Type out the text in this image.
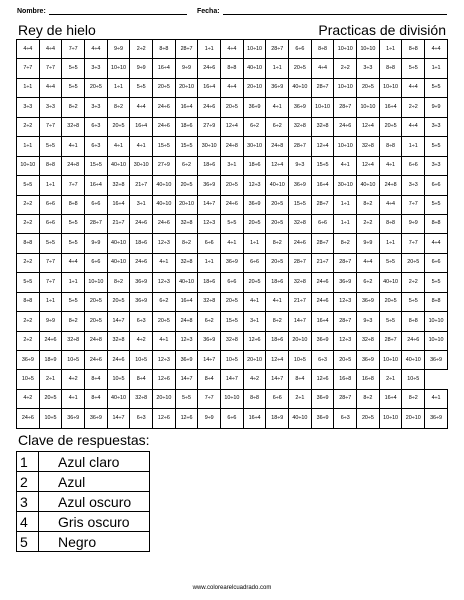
Nombre:	Fecha:
Rey de hielo	Practicas de división
4÷4	4÷4	7÷7	4÷4	9÷9	2÷2	8÷8	28÷7	1÷1	4÷4	10÷10	28÷7	6÷6	8÷8	10÷10	10÷10	1÷1	8÷8	4÷4
7÷7	7÷7	5÷5	3÷3	10÷10	9÷9	16÷4	9÷9	24÷6	8÷8	40÷10	1÷1	20÷5	4÷4	2÷2	3÷3	8÷8	5÷5	1÷1
1÷1	4÷4	5÷5	20÷5	1÷1	5÷5	20÷5	20÷10	16÷4	4÷4	20÷10	36÷9	40÷10	28÷7	10÷10	20÷5	10÷10	4÷4	5÷5
3÷3	3÷3	8÷2	3÷3	8÷2	4÷4	24÷6	16÷4	24÷6	20÷5	36÷9	4÷1	36÷9	10÷10	28÷7	10÷10	16÷4	2÷2	9÷9
2÷2	7÷7	32÷8	6÷3	20÷5	16÷4	24÷6	18÷6	27÷9	12÷4	6÷2	6÷2	32÷8	32÷8	24÷6	12÷4	20÷5	4÷4	3÷3
1÷1	5÷5	4÷1	6÷3	4÷1	4÷1	15÷5	15÷5	30÷10	24÷8	30÷10	24÷8	28÷7	12÷4	10÷10	32÷8	8÷8	1÷1	5÷5
10÷10	8÷8	24÷8	15÷5	40÷10	30÷10	27÷9	6÷2	18÷6	3÷1	18÷6	12÷4	9÷3	15÷5	4÷1	12÷4	4÷1	6÷6	3÷3
5÷5	1÷1	7÷7	16÷4	32÷8	21÷7	40÷10	20÷5	36÷9	20÷5	12÷3	40÷10	36÷9	16÷4	30÷10	40÷10	24÷8	3÷3	6÷6
2÷2	6÷6	8÷8	6÷6	16÷4	3÷1	40÷10	20÷10	14÷7	24÷6	36÷9	20÷5	15÷5	28÷7	1÷1	8÷2	4÷4	7÷7	5÷5
2÷2	6÷6	5÷5	28÷7	21÷7	24÷6	24÷6	32÷8	12÷3	5÷5	20÷5	20÷5	32÷8	6÷6	1÷1	2÷2	8÷8	9÷9	8÷8
8÷8	5÷5	5÷5	9÷9	40÷10	18÷6	12÷3	8÷2	6÷6	4÷1	1÷1	8÷2	24÷6	28÷7	8÷2	9÷9	1÷1	7÷7	4÷4
2÷2	7÷7	4÷4	6÷6	40÷10	24÷6	4÷1	32÷8	1÷1	36÷9	6÷6	20÷5	28÷7	21÷7	28÷7	4÷4	5÷5	20÷5	6÷6
5÷5	7÷7	1÷1	10÷10	8÷2	36÷9	12÷3	40÷10	18÷6	6÷6	20÷5	18÷6	32÷8	24÷6	36÷9	6÷2	40÷10	2÷2	5÷5
8÷8	1÷1	5÷5	20÷5	20÷5	36÷9	6÷2	16÷4	32÷8	20÷5	4÷1	4÷1	21÷7	24÷6	12÷3	36÷9	20÷5	5÷5	8÷8
2÷2	9÷9	8÷2	20÷5	14÷7	6÷3	20÷5	24÷8	6÷2	15÷5	3÷1	8÷2	14÷7	16÷4	28÷7	9÷3	5÷5	8÷8	10÷10
2÷2	24÷6	32÷8	24÷8	32÷8	4÷2	4÷1	12÷3	36÷9	32÷8	12÷6	18÷6	20÷10	36÷9	12÷3	32÷8	28÷7	24÷6	10÷10
36÷9	18÷9	10÷5	24÷6	24÷6	10÷5	12÷3	36÷9	14÷7	10÷5	20÷10	12÷4	10÷5	6÷3	20÷5	36÷9	10÷10	40÷10	36÷9
10÷5	2÷1	4÷2	8÷4	10÷5	8÷4	12÷6	14÷7	8÷4	14÷7	4÷2	14÷7	8÷4	12÷6	16÷8	16÷8	2÷1	10÷5	
4÷2	20÷5	4÷1	8÷4	40÷10	32÷8	20÷10	5÷5	7÷7	10÷10	8÷8	6÷6	2÷1	36÷9	28÷7	8÷2	16÷4	8÷2	4÷1
24÷6	10÷5	36÷9	36÷9	14÷7	6÷3	12÷6	12÷6	9÷9	6÷6	16÷4	18÷9	40÷10	36÷9	6÷3	20÷5	10÷10	20÷10	36÷9
Clave de respuestas:
1	Azul claro
2	Azul
3	Azul oscuro
4	Gris oscuro
5	Negro
www.colorearelcuadrado.com
